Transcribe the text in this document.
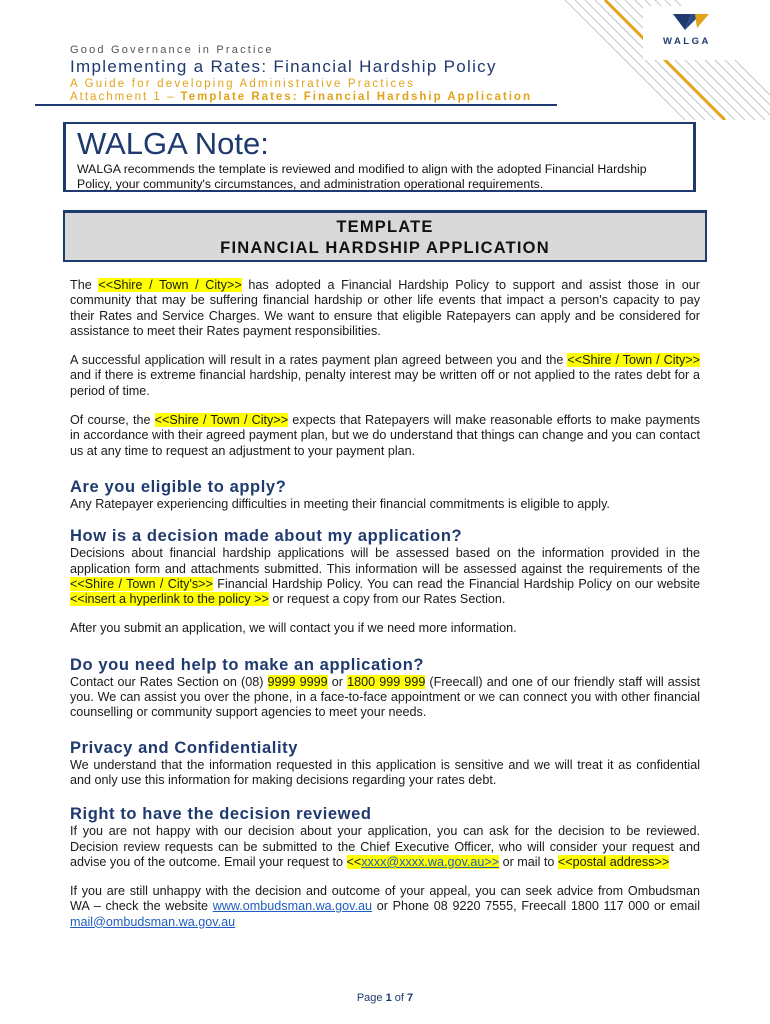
Good Governance in Practice
Implementing a Rates: Financial Hardship Policy
A Guide for developing Administrative Practices
Attachment 1 – Template Rates: Financial Hardship Application
WALGA
WALGA Note:
WALGA recommends the template is reviewed and modified to align with the adopted Financial Hardship Policy, your community's circumstances, and administration operational requirements.
TEMPLATE
FINANCIAL HARDSHIP APPLICATION

The <<Shire / Town / City>> has adopted a Financial Hardship Policy to support and assist those in our community that may be suffering financial hardship or other life events that impact a person's capacity to pay their Rates and Service Charges. We want to ensure that eligible Ratepayers can apply and be considered for assistance to meet their Rates payment responsibilities.

A successful application will result in a rates payment plan agreed between you and the <<Shire / Town / City>> and if there is extreme financial hardship, penalty interest may be written off or not applied to the rates debt for a period of time.

Of course, the <<Shire / Town / City>> expects that Ratepayers will make reasonable efforts to make payments in accordance with their agreed payment plan, but we do understand that things can change and you can contact us at any time to request an adjustment to your payment plan.

Are you eligible to apply?

Any Ratepayer experiencing difficulties in meeting their financial commitments is eligible to apply.

How is a decision made about my application?

Decisions about financial hardship applications will be assessed based on the information provided in the application form and attachments submitted. This information will be assessed against the requirements of the <<Shire / Town / City's>> Financial Hardship Policy. You can read the Financial Hardship Policy on our website <<insert a hyperlink to the policy >> or request a copy from our Rates Section.

After you submit an application, we will contact you if we need more information.

Do you need help to make an application?

Contact our Rates Section on (08) 9999 9999 or 1800 999 999 (Freecall) and one of our friendly staff will assist you. We can assist you over the phone, in a face-to-face appointment or we can connect you with other financial counselling or community support agencies to meet your needs.

Privacy and Confidentiality

We understand that the information requested in this application is sensitive and we will treat it as confidential and only use this information for making decisions regarding your rates debt.

Right to have the decision reviewed

If you are not happy with our decision about your application, you can ask for the decision to be reviewed. Decision review requests can be submitted to the Chief Executive Officer, who will consider your request and advise you of the outcome. Email your request to <<xxxx@xxxx.wa.gov.au>> or mail to <<postal address>>

If you are still unhappy with the decision and outcome of your appeal, you can seek advice from Ombudsman WA – check the website www.ombudsman.wa.gov.au or Phone 08 9220 7555, Freecall 1800 117 000 or email mail@ombudsman.wa.gov.au

Page 1 of 7
